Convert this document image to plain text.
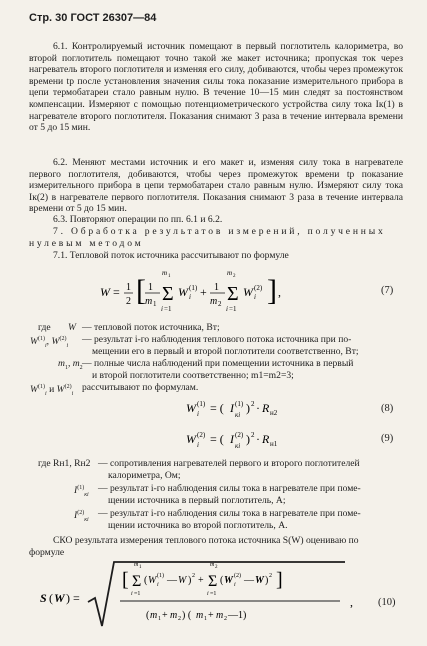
Стр. 30 ГОСТ 26307—84
6.1. Контролируемый источник помещают в первый поглотитель калориметра, во второй поглотитель помещают точно такой же макет источника; пропуская ток через нагреватель второго поглотителя и изменяя его силу, добиваются, чтобы через промежуток времени tр после установления значения силы тока показание измерительного прибора в цепи термобатареи стало равным нулю. В течение 10—15 мин следят за постоянством компенсации. Измеряют с помощью потенциометрического устройства силу тока Iк(1) в нагревателе второго поглотителя. Показания снимают 3 раза в течение интервала времени от 5 до 15 мин.
6.2. Меняют местами источник и его макет и, изменяя силу тока в нагревателе первого поглотителя, добиваются, чтобы через промежуток времени tр показание измерительного прибора в цепи термобатареи стало равным нулю. Измеряют силу тока Iк(2) в нагревателе первого поглотителя. Показания снимают 3 раза в течение интервала времени от 5 до 15 мин.
6.3. Повторяют операции по пп. 6.1 и 6.2.
7. Обработка результатов измерений, полученных
нулевым методом
7.1. Тепловой поток источника рассчитывают по формуле
W = 1
2 [ 1
m 1
m 1
Σ
i =1
W (1)
i + 1
m 2
m 2
Σ
i =1
W (2)
i ] ,	(7)
где W — тепловой поток источника, Вт;
$W^{(1)}_i$, $W^{(2)}_i$
— результат i-го наблюдения теплового потока источника при по-
мещении его в первый и второй поглотители соответственно, Вт;
$m_1$, $m_2$ — полные числа наблюдений при помещении источника в первый
и второй поглотители соответственно; m1=m2=3;
$W^{(1)}_i$ и $W^{(2)}_i$
рассчитывают по формулам.
W (1)
i = ( I (1)
кi ) 2 · R н2	(8)
W (2)
i = ( I (2)
кi ) 2 · R н1	(9)
где Rн1, Rн2 — сопротивления нагревателей первого и второго поглотителей
калориметра, Ом;
$I^{(1)}_{кi}$
— результат i-го наблюдения силы тока в нагревателе при поме-
щении источника в первый поглотитель, А;
$I^{(2)}_{кi}$
— результат i-го наблюдения силы тока в нагревателе при поме-
щении источника во второй поглотитель, А.
СКО результата измерения теплового потока источника S(W) оцениваю по
формуле
S ( W ) =
[
m 1
Σ
i =1
( W (1)
i — W ) 2 +
m 2
Σ
i =1
( W (2)
i — W ) 2 ]
( m 1 + m 2 ) ( m 1 + m 2 —1)
, (10)
